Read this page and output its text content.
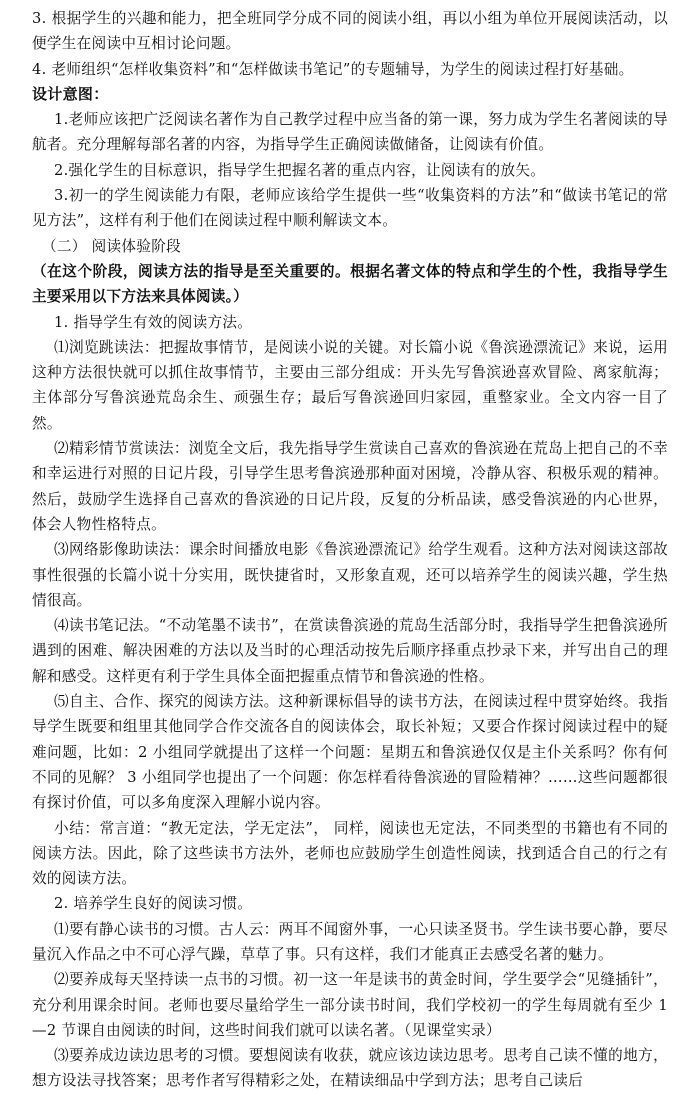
3. 根据学生的兴趣和能力，把全班同学分成不同的阅读小组，再以小组为单位开展阅读活动，以便学生在阅读中互相讨论问题。

4. 老师组织“怎样收集资料”和“怎样做读书笔记”的专题辅导，为学生的阅读过程打好基础。

设计意图：

1.老师应该把广泛阅读名著作为自己教学过程中应当备的第一课，努力成为学生名著阅读的导航者。充分理解每部名著的内容，为指导学生正确阅读做储备，让阅读有价值。

2.强化学生的目标意识，指导学生把握名著的重点内容，让阅读有的放矢。

3.初一的学生阅读能力有限，老师应该给学生提供一些“收集资料的方法”和“做读书笔记的常见方法”，这样有利于他们在阅读过程中顺利解读文本。

（二） 阅读体验阶段

（在这个阶段，阅读方法的指导是至关重要的。根据名著文体的特点和学生的个性，我指导学生主要采用以下方法来具体阅读。）

1. 指导学生有效的阅读方法。

⑴浏览跳读法：把握故事情节，是阅读小说的关键。对长篇小说《鲁滨逊漂流记》来说，运用这种方法很快就可以抓住故事情节，主要由三部分组成：开头先写鲁滨逊喜欢冒险、离家航海；主体部分写鲁滨逊荒岛余生、顽强生存；最后写鲁滨逊回归家园，重整家业。全文内容一目了然。

⑵精彩情节赏读法：浏览全文后，我先指导学生赏读自己喜欢的鲁滨逊在荒岛上把自己的不幸和幸运进行对照的日记片段，引导学生思考鲁滨逊那种面对困境，冷静从容、积极乐观的精神。然后，鼓励学生选择自己喜欢的鲁滨逊的日记片段，反复的分析品读，感受鲁滨逊的内心世界，体会人物性格特点。

⑶网络影像助读法：课余时间播放电影《鲁滨逊漂流记》给学生观看。这种方法对阅读这部故事性很强的长篇小说十分实用，既快捷省时，又形象直观，还可以培养学生的阅读兴趣，学生热情很高。

⑷读书笔记法。“不动笔墨不读书”，在赏读鲁滨逊的荒岛生活部分时，我指导学生把鲁滨逊所遇到的困难、解决困难的方法以及当时的心理活动按先后顺序择重点抄录下来，并写出自己的理解和感受。这样更有利于学生具体全面把握重点情节和鲁滨逊的性格。

⑸自主、合作、探究的阅读方法。这种新课标倡导的读书方法，在阅读过程中贯穿始终。我指导学生既要和组里其他同学合作交流各自的阅读体会，取长补短；又要合作探讨阅读过程中的疑难问题，比如：2 小组同学就提出了这样一个问题：星期五和鲁滨逊仅仅是主仆关系吗？你有何不同的见解？ 3 小组同学也提出了一个问题：你怎样看待鲁滨逊的冒险精神？……这些问题都很有探讨价值，可以多角度深入理解小说内容。

小结：常言道：“教无定法，学无定法”， 同样，阅读也无定法，不同类型的书籍也有不同的阅读方法。因此，除了这些读书方法外，老师也应鼓励学生创造性阅读，找到适合自己的行之有效的阅读方法。

2. 培养学生良好的阅读习惯。

⑴要有静心读书的习惯。古人云：两耳不闻窗外事，一心只读圣贤书。学生读书要心静，要尽量沉入作品之中不可心浮气躁，草草了事。只有这样，我们才能真正去感受名著的魅力。

⑵要养成每天坚持读一点书的习惯。初一这一年是读书的黄金时间，学生要学会“见缝插针”，充分利用课余时间。老师也要尽量给学生一部分读书时间，我们学校初一的学生每周就有至少 1—2 节课自由阅读的时间，这些时间我们就可以读名著。（见课堂实录）

⑶要养成边读边思考的习惯。要想阅读有收获，就应该边读边思考。思考自己读不懂的地方，想方设法寻找答案；思考作者写得精彩之处，在精读细品中学到方法；思考自己读后
